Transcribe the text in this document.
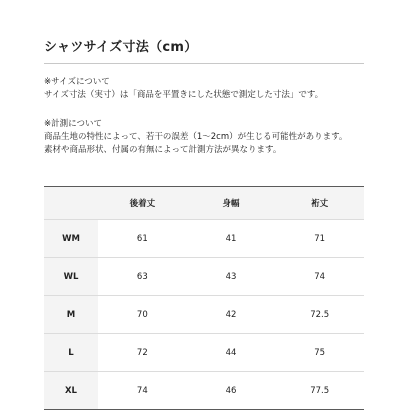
シャツサイズ寸法（cm）

※サイズについて

サイズ寸法（実寸）は「商品を平置きにした状態で測定した寸法」です。

※計測について

商品生地の特性によって、若干の誤差（1～2cm）が生じる可能性があります。

素材や商品形状、付属の有無によって計測方法が異なります。

	後着丈	身幅	裄丈
WM	61	41	71
WL	63	43	74
M	70	42	72.5
L	72	44	75
XL	74	46	77.5
